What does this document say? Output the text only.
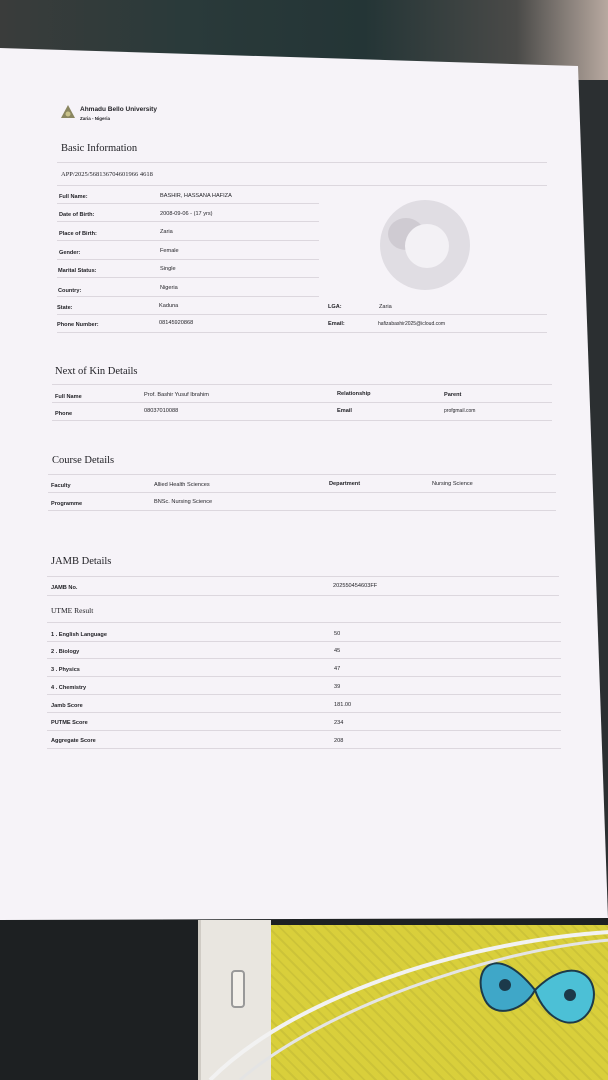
Ahmadu Bello University
Zaria - Nigeria
Basic Information
APP/2025/568136704601966 4618
Full Name:	BASHIR, HASSANA HAFIZA
Date of Birth:	2008-09-06 - (17 yrs)
Place of Birth:	Zaria
Gender:	Female
Marital Status:	Single
Country:	Nigeria
State:	Kaduna	LGA:	Zaria
Phone Number:	08145920868	Email:	hafizabashir2025@icloud.com
Next of Kin Details
Full Name	Prof. Bashir Yusuf Ibrahim	Relationship	Parent
Phone	08037010088	Email	profgmail.com
Course Details
Faculty	Allied Health Sciences	Department	Nursing Science
Programme	BNSc. Nursing Science
JAMB Details
JAMB No.	202550454603FF
UTME Result
1 . English Language	50
2 . Biology	45
3 . Physics	47
4 . Chemistry	39
Jamb Score	181.00
PUTME Score	234
Aggregate Score	208
